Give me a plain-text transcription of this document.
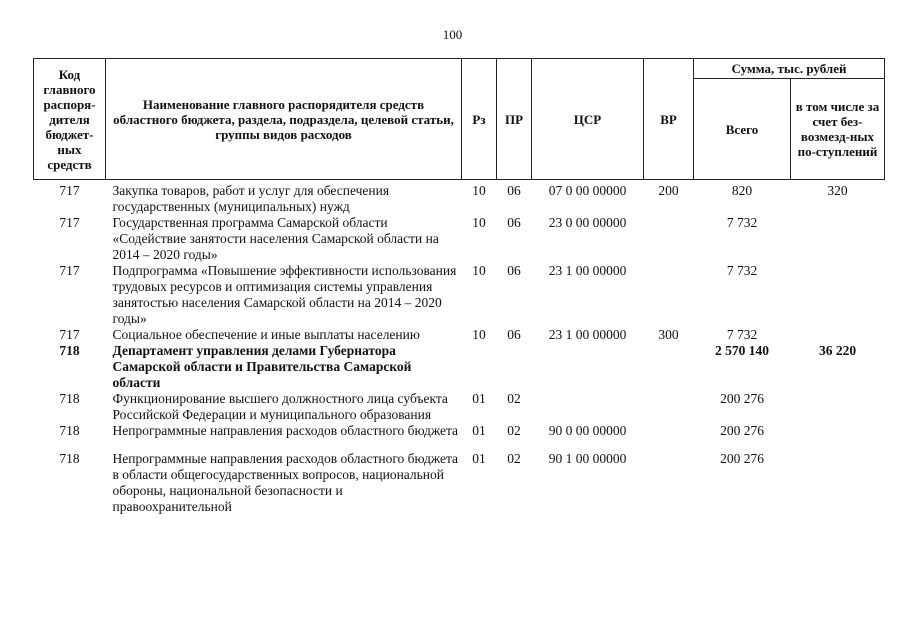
100
Код главного распоря-дителя бюджет-ных средств	Наименование главного распорядителя средств областного бюджета, раздела, подраздела, целевой статьи, группы видов расходов	Рз	ПР	ЦСР	ВР	Сумма, тыс. рублей	
						Всего	в том числе за счет без-возмезд-ных по-ступлений
717	Закупка товаров, работ и услуг для обеспечения государственных (муниципальных) нужд	10	06	07 0 00 00000	200	820	320
717	Государственная программа Самарской области «Содействие занятости населения Самарской области на 2014 – 2020 годы»	10	06	23 0 00 00000		7 732	
717	Подпрограмма «Повышение эффективности использования трудовых ресурсов и оптимизация системы управления занятостью населения Самарской области на 2014 – 2020 годы»	10	06	23 1 00 00000		7 732	
717	Социальное обеспечение и иные выплаты населению	10	06	23 1 00 00000	300	7 732	
718	Департамент управления делами Губернатора Самарской области и Правительства Самарской области					2 570 140	36 220
718	Функционирование высшего должностного лица субъекта Российской Федерации и муниципального образования	01	02			200 276	
718	Непрограммные направления расходов областного бюджета	01	02	90 0 00 00000		200 276	

718	Непрограммные направления расходов областного бюджета в области общегосударственных вопросов, национальной обороны, национальной безопасности и правоохранительной	01	02	90 1 00 00000		200 276	
